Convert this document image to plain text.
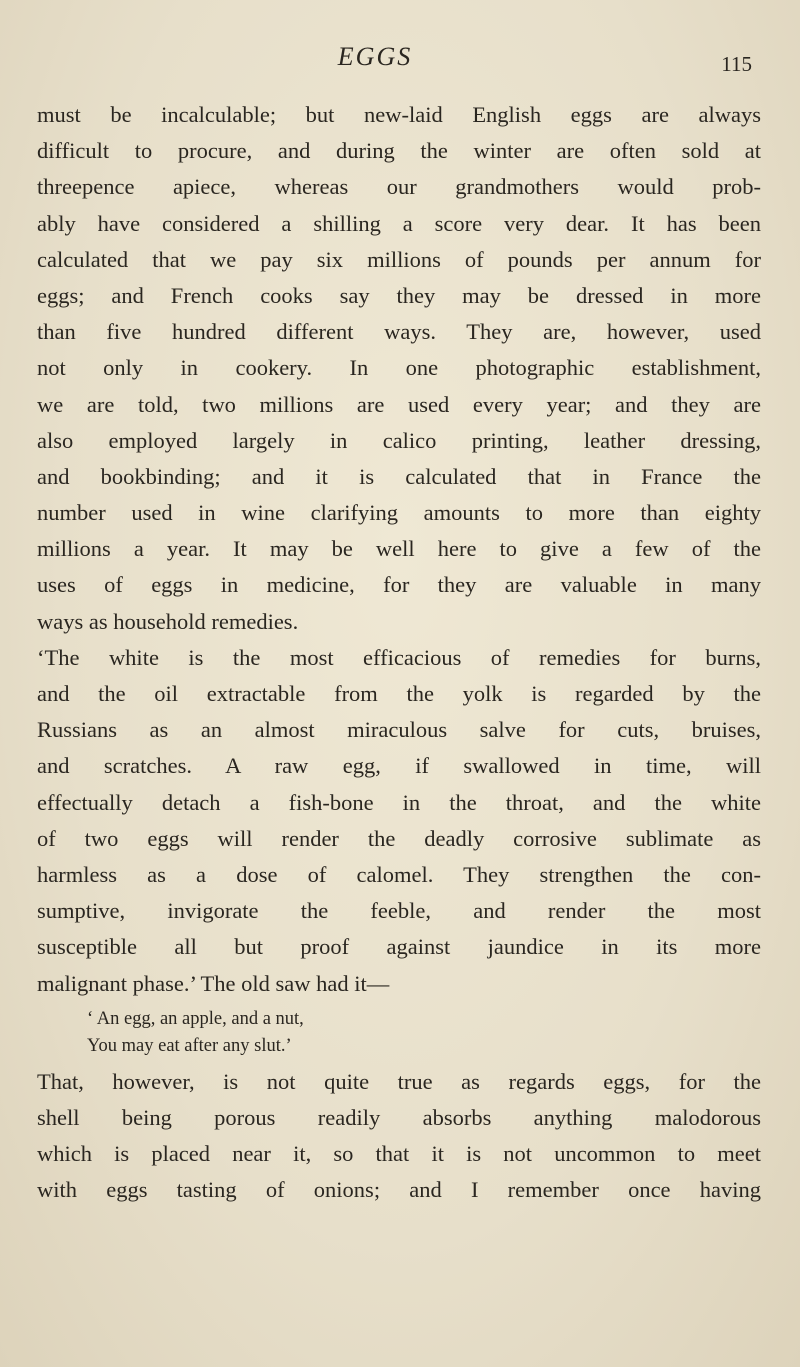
EGGS	115
must be incalculable; but new-laid English eggs are always
difficult to procure, and during the winter are often sold at
threepence apiece, whereas our grandmothers would prob-
ably have considered a shilling a score very dear. It has been
calculated that we pay six millions of pounds per annum for
eggs; and French cooks say they may be dressed in more
than five hundred different ways. They are, however, used
not only in cookery. In one photographic establishment,
we are told, two millions are used every year; and they are
also employed largely in calico printing, leather dressing,
and bookbinding; and it is calculated that in France the
number used in wine clarifying amounts to more than eighty
millions a year. It may be well here to give a few of the
uses of eggs in medicine, for they are valuable in many
ways as household remedies.
‘The white is the most efficacious of remedies for burns,
and the oil extractable from the yolk is regarded by the
Russians as an almost miraculous salve for cuts, bruises,
and scratches. A raw egg, if swallowed in time, will
effectually detach a fish-bone in the throat, and the white
of two eggs will render the deadly corrosive sublimate as
harmless as a dose of calomel. They strengthen the con-
sumptive, invigorate the feeble, and render the most
susceptible all but proof against jaundice in its more
malignant phase.’ The old saw had it—
‘ An egg, an apple, and a nut,
You may eat after any slut.’
That, however, is not quite true as regards eggs, for the
shell being porous readily absorbs anything malodorous
which is placed near it, so that it is not uncommon to meet
with eggs tasting of onions; and I remember once having
